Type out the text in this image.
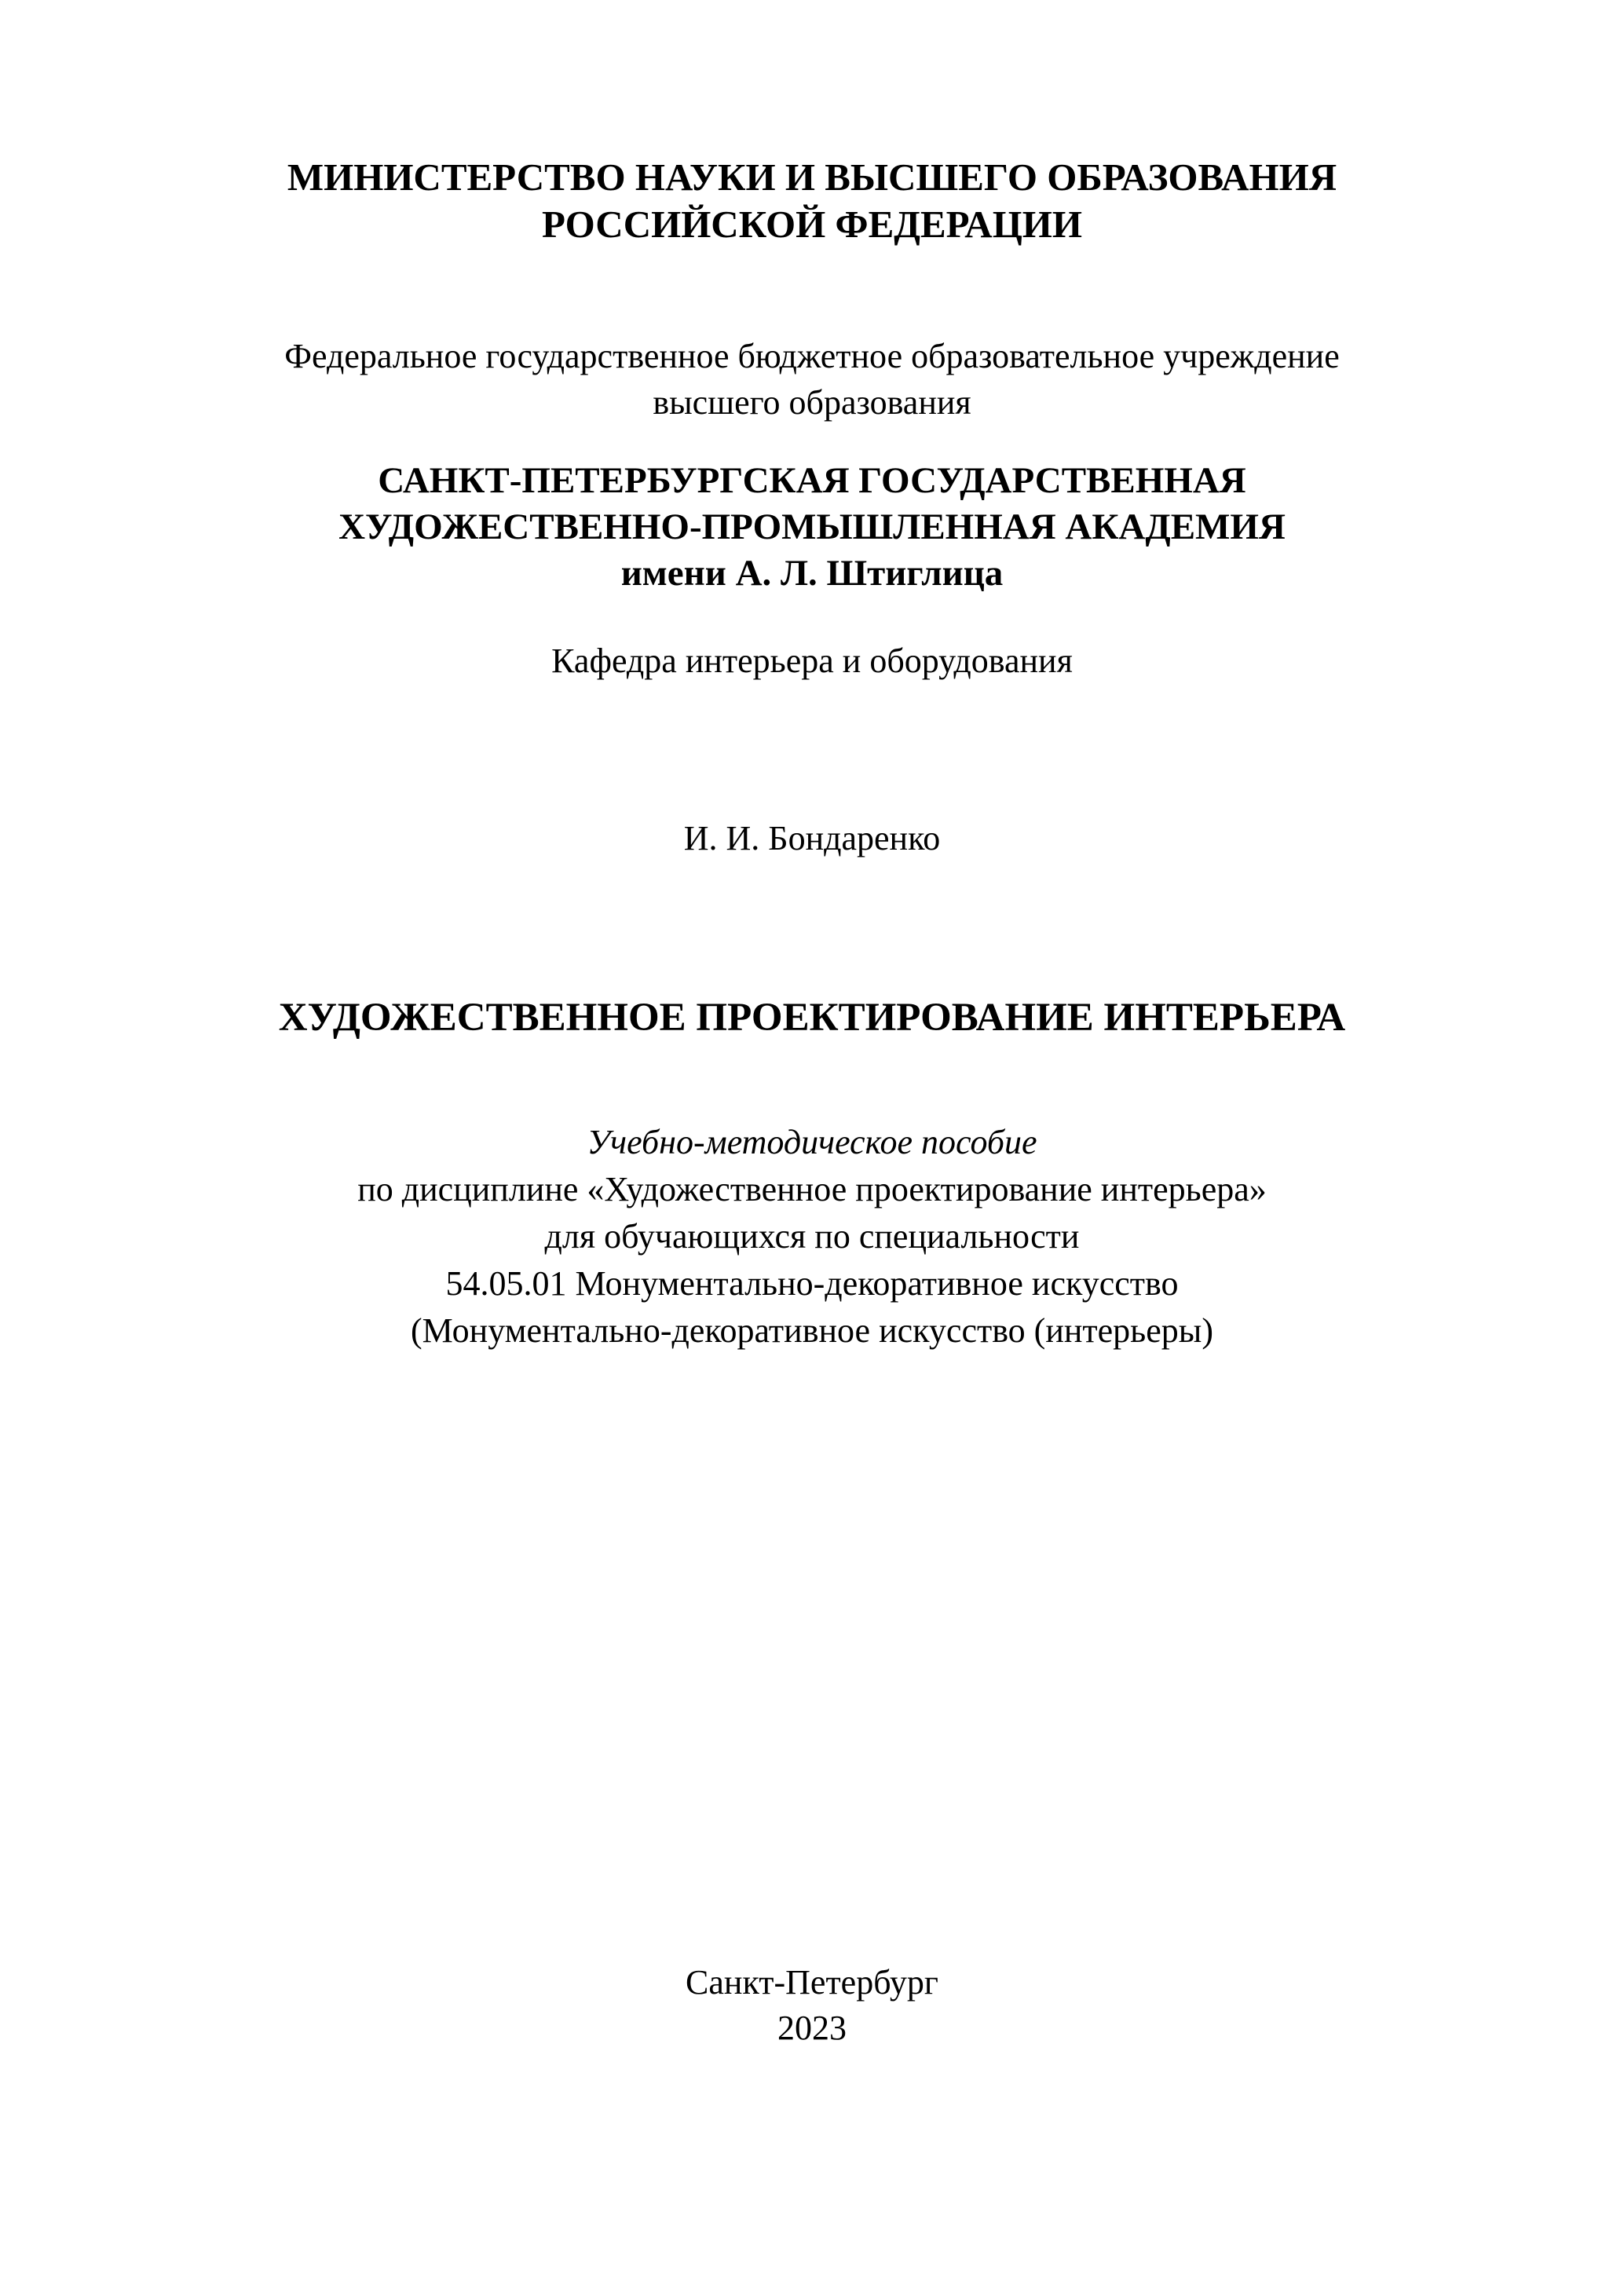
МИНИСТЕРСТВО НАУКИ И ВЫСШЕГО ОБРАЗОВАНИЯ
РОССИЙСКОЙ ФЕДЕРАЦИИ
Федеральное государственное бюджетное образовательное учреждение
высшего образования
САНКТ-ПЕТЕРБУРГСКАЯ ГОСУДАРСТВЕННАЯ
ХУДОЖЕСТВЕННО-ПРОМЫШЛЕННАЯ АКАДЕМИЯ
имени А. Л. Штиглица
Кафедра интерьера и оборудования
И. И. Бондаренко
ХУДОЖЕСТВЕННОЕ ПРОЕКТИРОВАНИЕ ИНТЕРЬЕРА
Учебно-методическое пособие
по дисциплине «Художественное проектирование интерьера»
для обучающихся по специальности
54.05.01 Монументально-декоративное искусство
(Монументально-декоративное искусство (интерьеры)
Санкт-Петербург
2023
